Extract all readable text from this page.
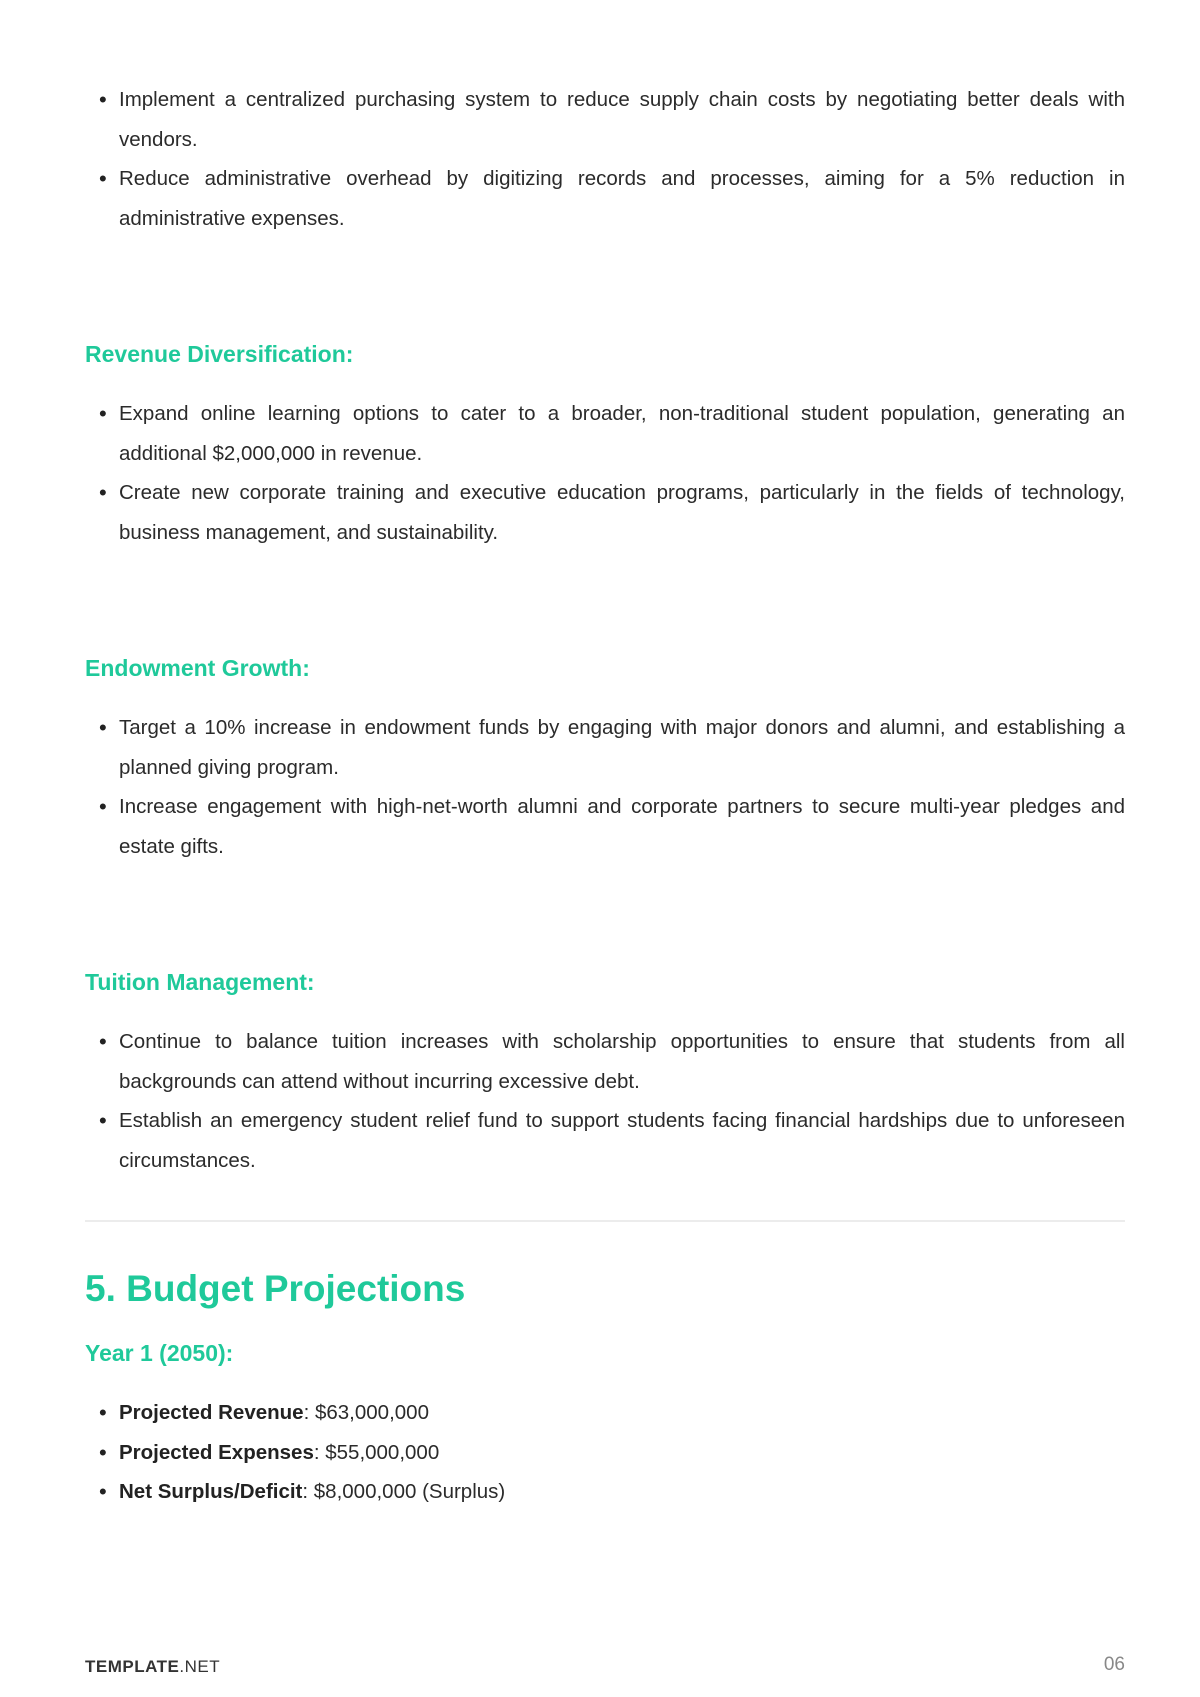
• Implement a centralized purchasing system to reduce supply chain costs by negotiating better deals with vendors.
• Reduce administrative overhead by digitizing records and processes, aiming for a 5% reduction in administrative expenses.
Revenue Diversification:
• Expand online learning options to cater to a broader, non-traditional student population, generating an additional $2,000,000 in revenue.
• Create new corporate training and executive education programs, particularly in the fields of technology, business management, and sustainability.
Endowment Growth:
• Target a 10% increase in endowment funds by engaging with major donors and alumni, and establishing a planned giving program.
• Increase engagement with high-net-worth alumni and corporate partners to secure multi-year pledges and estate gifts.
Tuition Management:
• Continue to balance tuition increases with scholarship opportunities to ensure that students from all backgrounds can attend without incurring excessive debt.
• Establish an emergency student relief fund to support students facing financial hardships due to unforeseen circumstances.
5. Budget Projections
Year 1 (2050):
• Projected Revenue: $63,000,000
• Projected Expenses: $55,000,000
• Net Surplus/Deficit: $8,000,000 (Surplus)
TEMPLATE.NET	06
